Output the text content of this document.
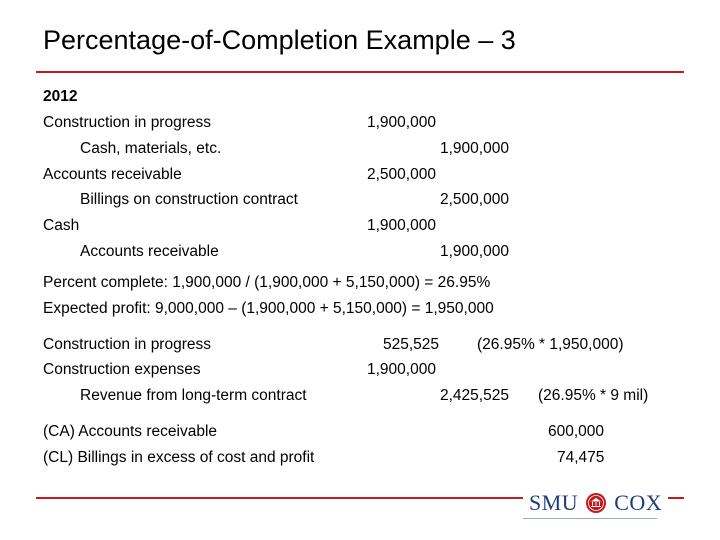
Percentage-of-Completion Example – 3
2012
Construction in progress	1,900,000
Cash, materials, etc.	1,900,000
Accounts receivable	2,500,000
Billings on construction contract	2,500,000
Cash	1,900,000
Accounts receivable	1,900,000
Percent complete: 1,900,000 / (1,900,000 + 5,150,000) = 26.95%
Expected profit: 9,000,000 – (1,900,000 + 5,150,000) = 1,950,000
Construction in progress	525,525 (26.95% * 1,950,000)
Construction expenses	1,900,000
Revenue from long-term contract	2,425,525 (26.95% * 9 mil)
(CA) Accounts receivable	600,000
(CL) Billings in excess of cost and profit	74,475
SMU COX
